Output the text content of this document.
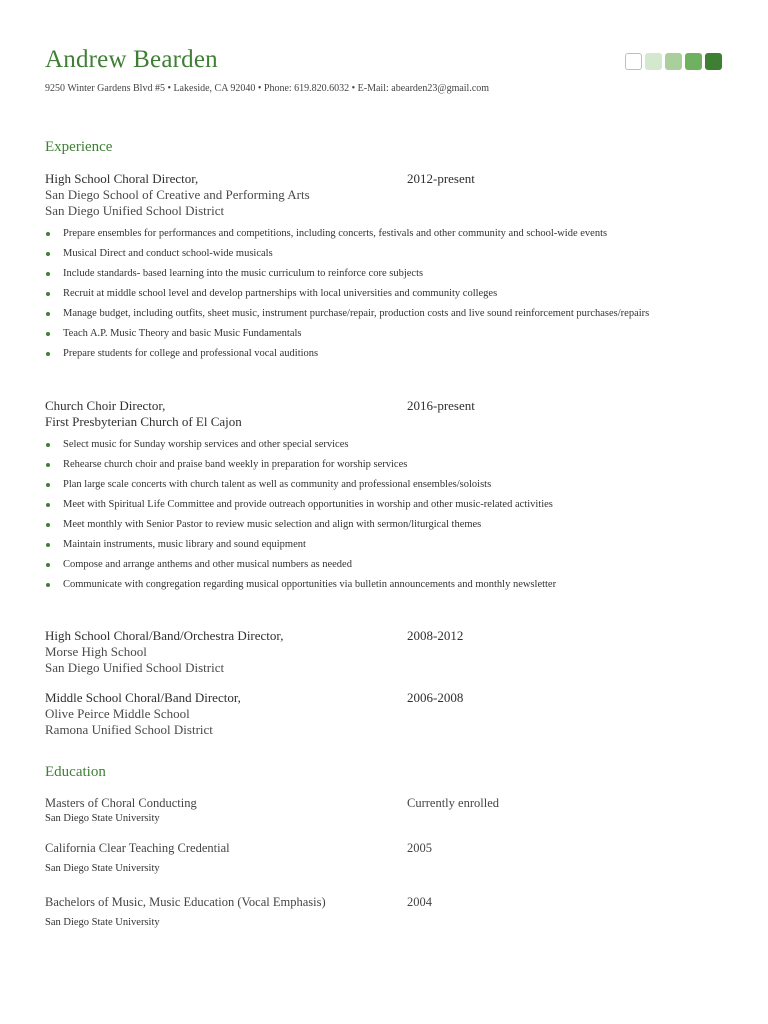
Andrew Bearden
9250 Winter Gardens Blvd #5 • Lakeside, CA 92040 • Phone: 619.820.6032 • E-Mail: abearden23@gmail.com
Experience
High School Choral Director,	2012-present
San Diego School of Creative and Performing Arts
San Diego Unified School District
Prepare ensembles for performances and competitions, including concerts, festivals and other community and school-wide events
Musical Direct and conduct school-wide musicals
Include standards- based learning into the music curriculum to reinforce core subjects
Recruit at middle school level and develop partnerships with local universities and community colleges
Manage budget, including outfits, sheet music, instrument purchase/repair, production costs and live sound reinforcement purchases/repairs
Teach A.P. Music Theory and basic Music Fundamentals
Prepare students for college and professional vocal auditions
Church Choir Director,	2016-present
First Presbyterian Church of El Cajon
Select music for Sunday worship services and other special services
Rehearse church choir and praise band weekly in preparation for worship services
Plan large scale concerts with church talent as well as community and professional ensembles/soloists
Meet with Spiritual Life Committee and provide outreach opportunities in worship and other music-related activities
Meet monthly with Senior Pastor to review music selection and align with sermon/liturgical themes
Maintain instruments, music library and sound equipment
Compose and arrange anthems and other musical numbers as needed
Communicate with congregation regarding musical opportunities via bulletin announcements and monthly newsletter
High School Choral/Band/Orchestra Director,	2008-2012
Morse High School
San Diego Unified School District
Middle School Choral/Band Director,	2006-2008
Olive Peirce Middle School
Ramona Unified School District
Education
Masters of Choral Conducting	Currently enrolled
San Diego State University
California Clear Teaching Credential	2005
San Diego State University
Bachelors of Music, Music Education (Vocal Emphasis)	2004
San Diego State University
